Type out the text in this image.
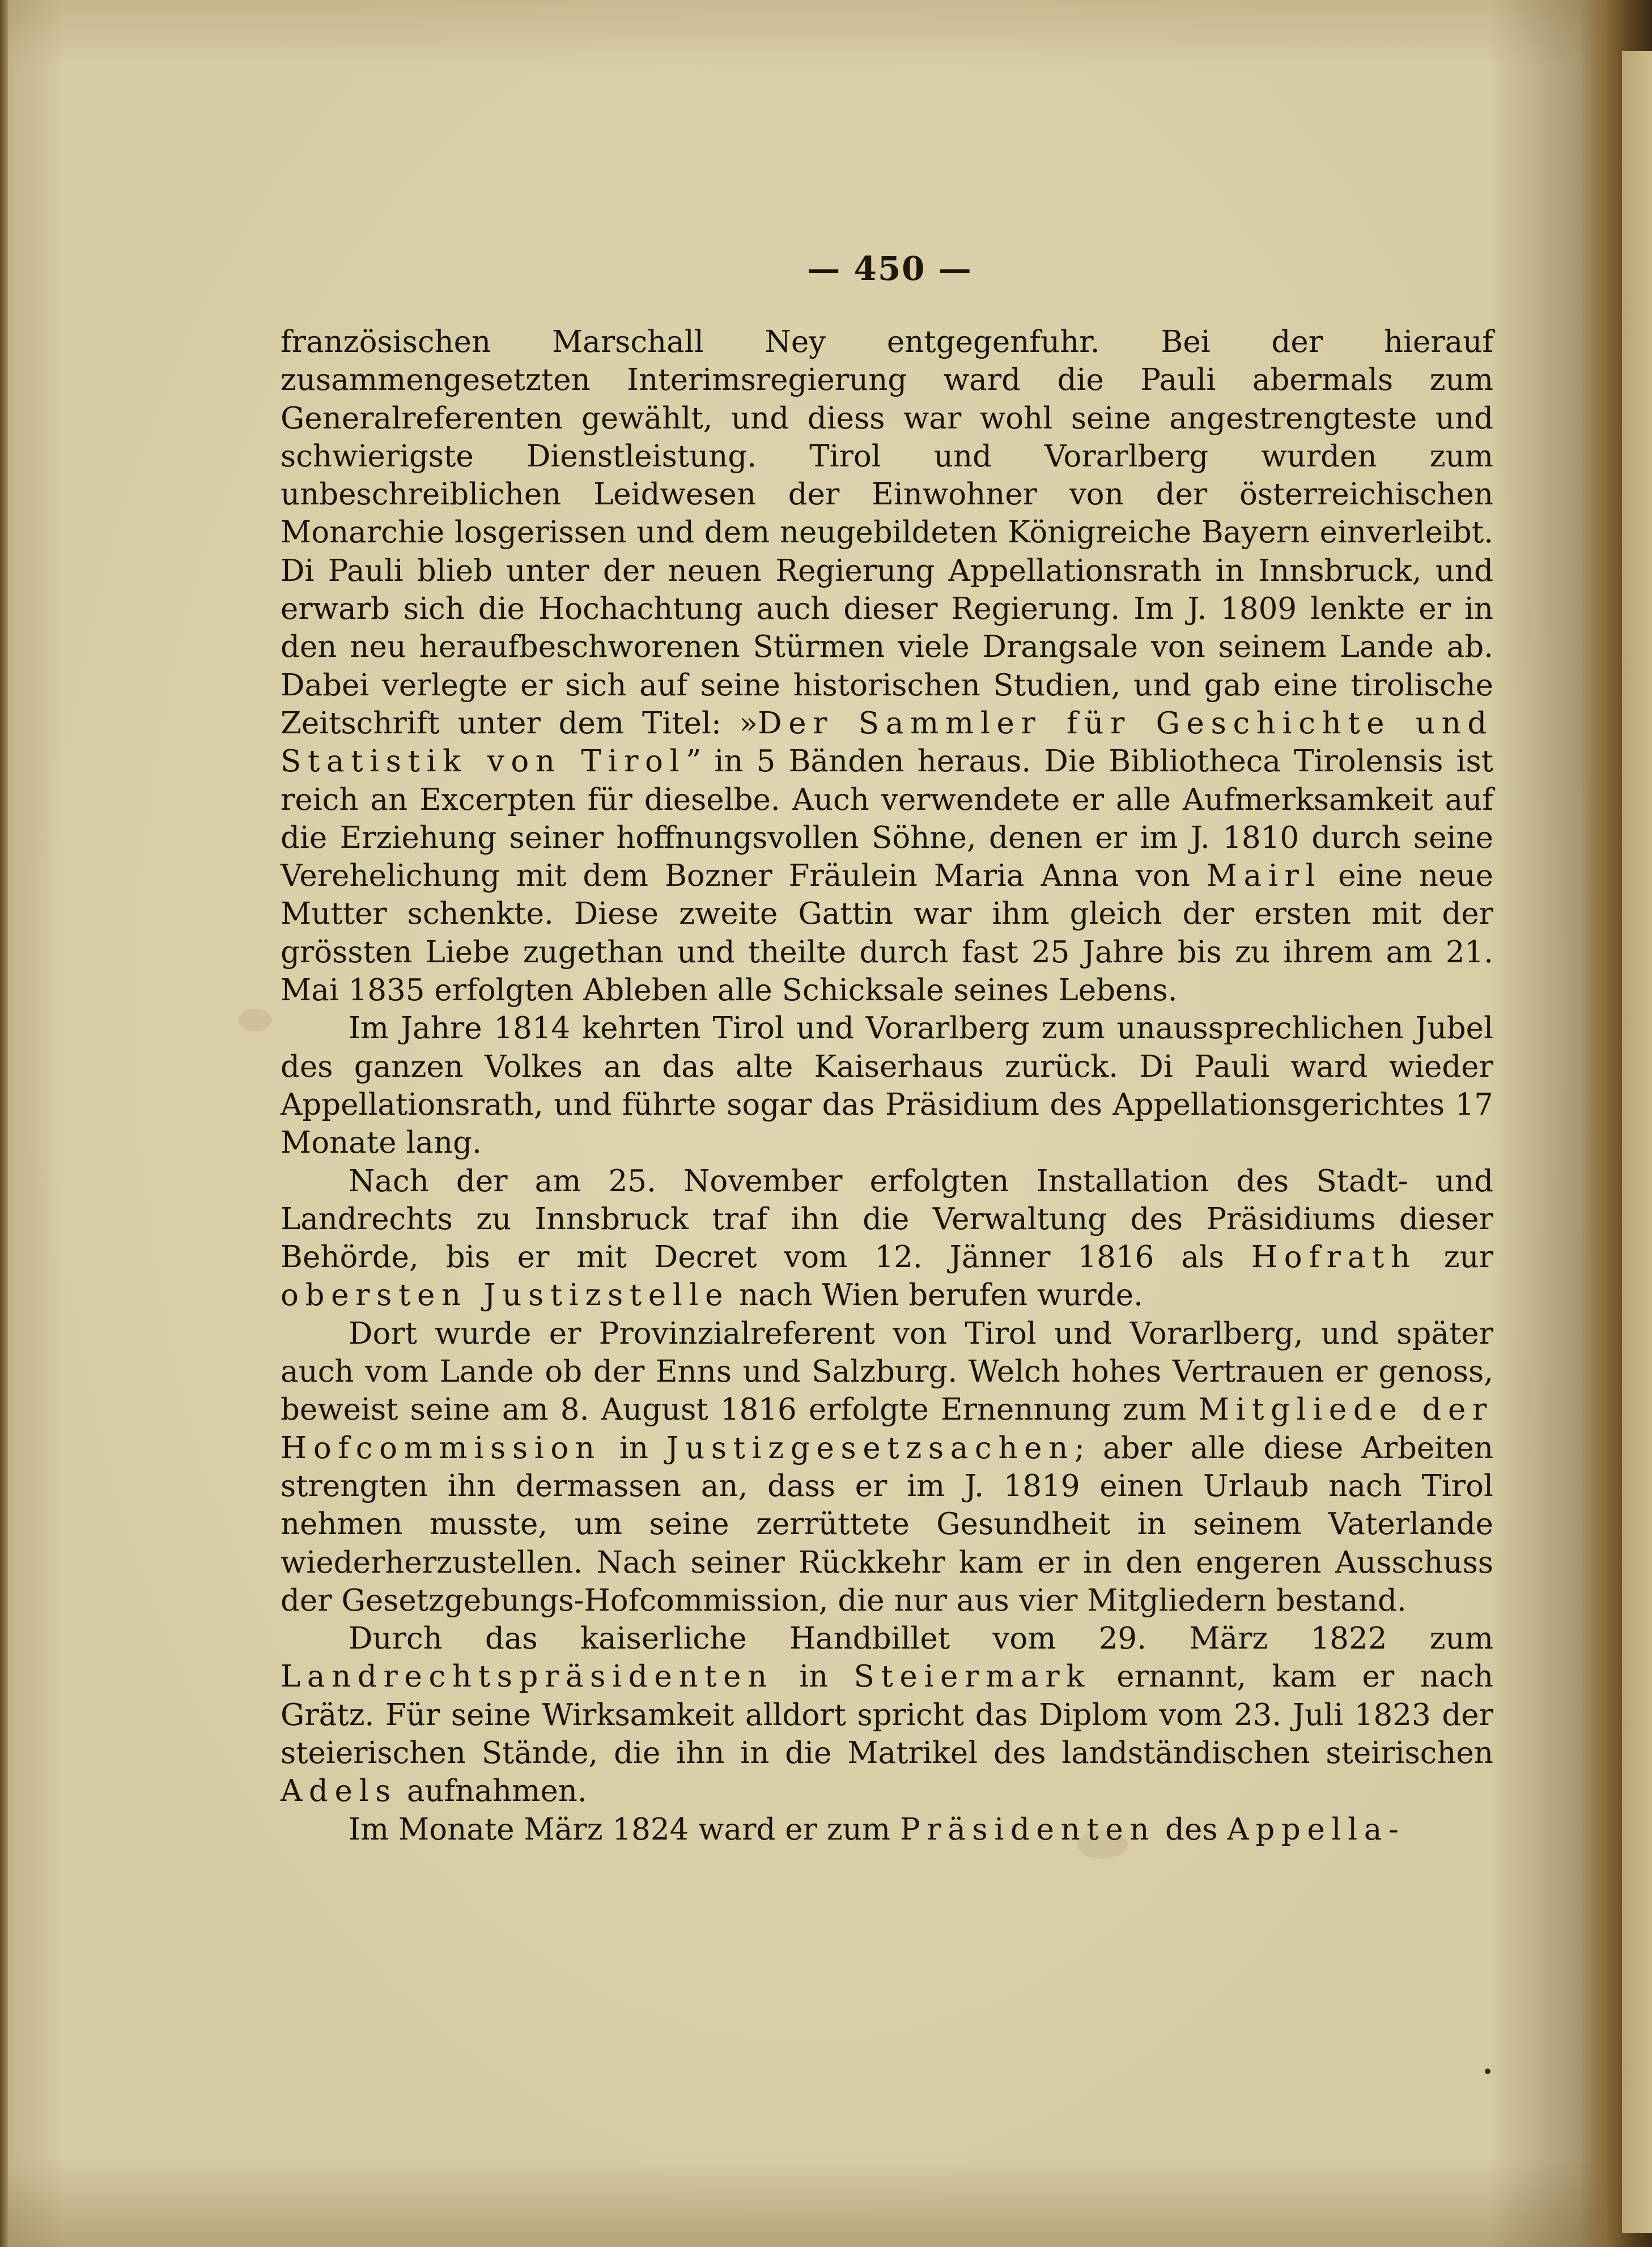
— 450 —

französischen Marschall Ney entgegenfuhr. Bei der hierauf zusammengesetzten Interimsregierung ward die Pauli abermals zum Generalreferenten gewählt, und diess war wohl seine angestrengteste und schwierigste Dienstleistung. Tirol und Vorarlberg wurden zum unbeschreiblichen Leidwesen der Einwohner von der österreichischen Monarchie losgerissen und dem neugebildeten Königreiche Bayern einverleibt. Di Pauli blieb unter der neuen Regierung Appellationsrath in Innsbruck, und erwarb sich die Hochachtung auch dieser Regierung. Im J. 1809 lenkte er in den neu heraufbeschworenen Stürmen viele Drangsale von seinem Lande ab. Dabei verlegte er sich auf seine historischen Studien, und gab eine tirolische Zeitschrift unter dem Titel: »Der Sammler für Geschichte und Statistik von Tirol” in 5 Bänden heraus. Die Bibliotheca Tirolensis ist reich an Excerpten für dieselbe. Auch verwendete er alle Aufmerksamkeit auf die Erziehung seiner hoffnungsvollen Söhne, denen er im J. 1810 durch seine Verehelichung mit dem Bozner Fräulein Maria Anna von Mairl eine neue Mutter schenkte. Diese zweite Gattin war ihm gleich der ersten mit der grössten Liebe zugethan und theilte durch fast 25 Jahre bis zu ihrem am 21. Mai 1835 erfolgten Ableben alle Schicksale seines Lebens.

Im Jahre 1814 kehrten Tirol und Vorarlberg zum unaussprechlichen Jubel des ganzen Volkes an das alte Kaiserhaus zurück. Di Pauli ward wieder Appellationsrath, und führte sogar das Präsidium des Appellationsgerichtes 17 Monate lang.

Nach der am 25. November erfolgten Installation des Stadt- und Landrechts zu Innsbruck traf ihn die Verwaltung des Präsidiums dieser Behörde, bis er mit Decret vom 12. Jänner 1816 als Hofrath zur obersten Justizstelle nach Wien berufen wurde.

Dort wurde er Provinzialreferent von Tirol und Vorarlberg, und später auch vom Lande ob der Enns und Salzburg. Welch hohes Vertrauen er genoss, beweist seine am 8. August 1816 erfolgte Ernennung zum Mitgliede der Hofcommission in Justizgesetzsachen; aber alle diese Arbeiten strengten ihn dermassen an, dass er im J. 1819 einen Urlaub nach Tirol nehmen musste, um seine zerrüttete Gesundheit in seinem Vaterlande wiederherzustellen. Nach seiner Rückkehr kam er in den engeren Ausschuss der Gesetzgebungs-Hofcommission, die nur aus vier Mitgliedern bestand.

Durch das kaiserliche Handbillet vom 29. März 1822 zum Landrechtspräsidenten in Steiermark ernannt, kam er nach Grätz. Für seine Wirksamkeit alldort spricht das Diplom vom 23. Juli 1823 der steierischen Stände, die ihn in die Matrikel des landständischen steirischen Adels aufnahmen.

Im Monate März 1824 ward er zum Präsidenten des Appella-
